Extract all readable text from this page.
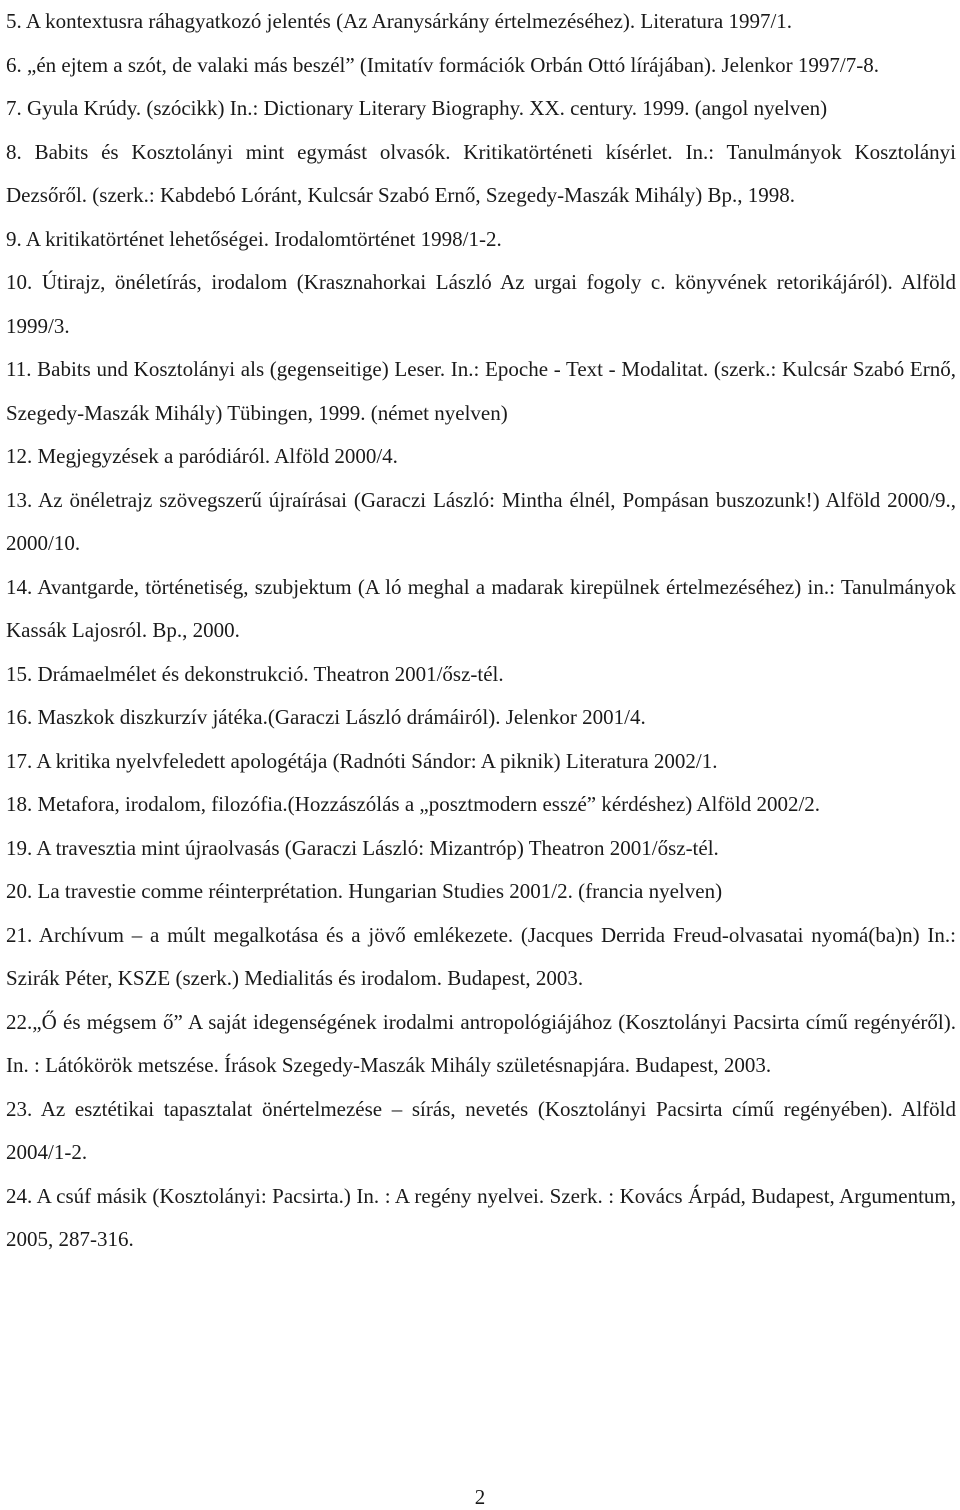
5. A kontextusra ráhagyatkozó jelentés (Az Aranysárkány értelmezéséhez). Literatura 1997/1.

6. „én ejtem a szót, de valaki más beszél” (Imitatív formációk Orbán Ottó lírájában). Jelenkor 1997/7-8.

7. Gyula Krúdy. (szócikk) In.: Dictionary Literary Biography. XX. century. 1999. (angol nyelven)

8. Babits és Kosztolányi mint egymást olvasók. Kritikatörténeti kísérlet. In.: Tanulmányok Kosztolányi Dezsőről. (szerk.: Kabdebó Lóránt, Kulcsár Szabó Ernő, Szegedy-Maszák Mihály) Bp., 1998.

9. A kritikatörténet lehetőségei. Irodalomtörténet 1998/1-2.

10. Útirajz, önéletírás, irodalom (Krasznahorkai László Az urgai fogoly c. könyvének retorikájáról). Alföld 1999/3.

11. Babits und Kosztolányi als (gegenseitige) Leser. In.: Epoche - Text - Modalitat. (szerk.: Kulcsár Szabó Ernő, Szegedy-Maszák Mihály) Tübingen, 1999. (német nyelven)

12. Megjegyzések a paródiáról. Alföld 2000/4.

13. Az önéletrajz szövegszerű újraírásai (Garaczi László: Mintha élnél, Pompásan buszozunk!) Alföld 2000/9., 2000/10.

14. Avantgarde, történetiség, szubjektum (A ló meghal a madarak kirepülnek értelmezéséhez) in.: Tanulmányok Kassák Lajosról. Bp., 2000.

15. Drámaelmélet és dekonstrukció. Theatron 2001/ősz-tél.

16. Maszkok diszkurzív játéka.(Garaczi László drámáiról). Jelenkor 2001/4.

17. A kritika nyelvfeledett apologétája (Radnóti Sándor: A piknik) Literatura 2002/1.

18. Metafora, irodalom, filozófia.(Hozzászólás a „posztmodern esszé” kérdéshez) Alföld 2002/2.

19. A travesztia mint újraolvasás (Garaczi László: Mizantróp) Theatron 2001/ősz-tél.

20. La travestie comme réinterprétation. Hungarian Studies 2001/2. (francia nyelven)

21. Archívum – a múlt megalkotása és a jövő emlékezete. (Jacques Derrida Freud-olvasatai nyomá(ba)n) In.: Szirák Péter, KSZE (szerk.) Medialitás és irodalom. Budapest, 2003.

22.„Ő és mégsem ő” A saját idegenségének irodalmi antropológiájához (Kosztolányi Pacsirta című regényéről). In. : Látókörök metszése. Írások Szegedy-Maszák Mihály születésnapjára. Budapest, 2003.

23. Az esztétikai tapasztalat önértelmezése – sírás, nevetés (Kosztolányi Pacsirta című regényében). Alföld 2004/1-2.

24. A csúf másik (Kosztolányi: Pacsirta.) In. : A regény nyelvei. Szerk. : Kovács Árpád, Budapest, Argumentum, 2005, 287-316.

2
